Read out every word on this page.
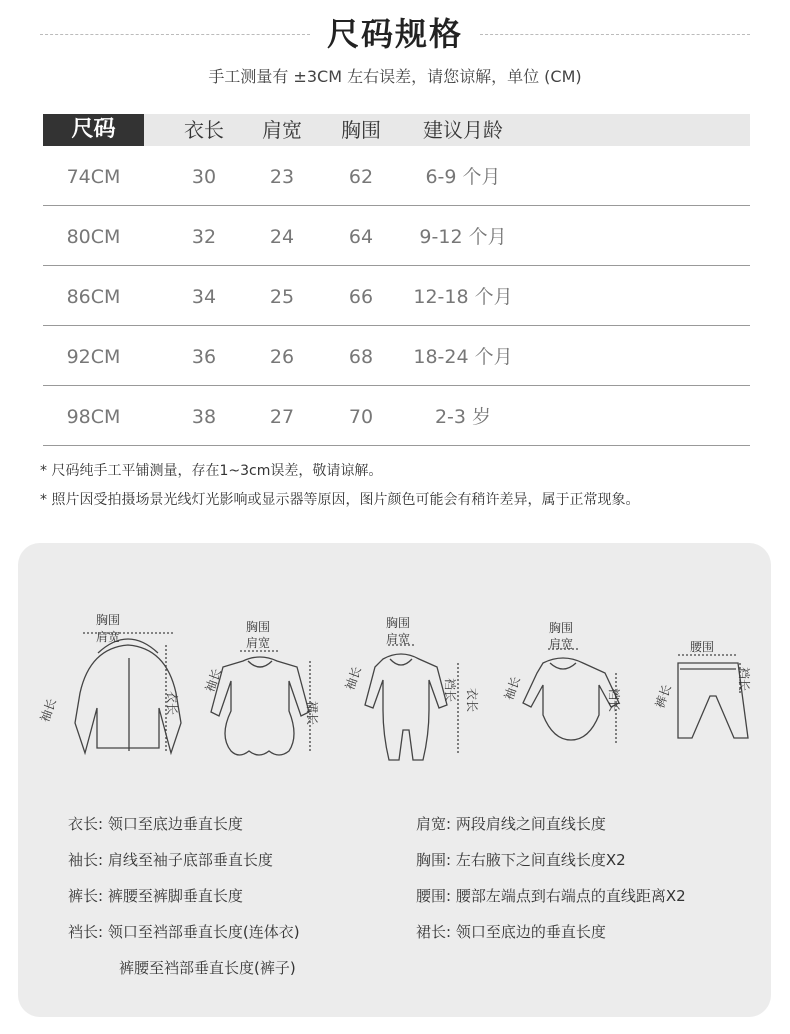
尺码规格
手工测量有 ±3CM 左右误差，请您谅解，单位 (CM)
尺码	衣长	肩宽	胸围	建议月龄
74CM	30	23	62	6-9 个月
80CM	32	24	64	9-12 个月
86CM	34	25	66	12-18 个月
92CM	36	26	68	18-24 个月
98CM	38	27	70	2-3 岁
* 尺码纯手工平铺测量，存在1~3cm误差，敬请谅解。
* 照片因受拍摄场景光线灯光影响或显示器等原因，图片颜色可能会有稍许差异，属于正常现象。
胸围
肩宽
袖长	衣长
胸围
肩宽
袖长
裙长
胸围
肩宽
袖长	裆长 衣长
胸围
肩宽
袖长	裆长
腰围
裤长
裆长
衣长: 领口至底边垂直长度
袖长: 肩线至袖子底部垂直长度
裤长: 裤腰至裤脚垂直长度
裆长: 领口至裆部垂直长度(连体衣)
裤腰至裆部垂直长度(裤子)
肩宽: 两段肩线之间直线长度
胸围: 左右腋下之间直线长度X2
腰围: 腰部左端点到右端点的直线距离X2
裙长: 领口至底边的垂直长度
